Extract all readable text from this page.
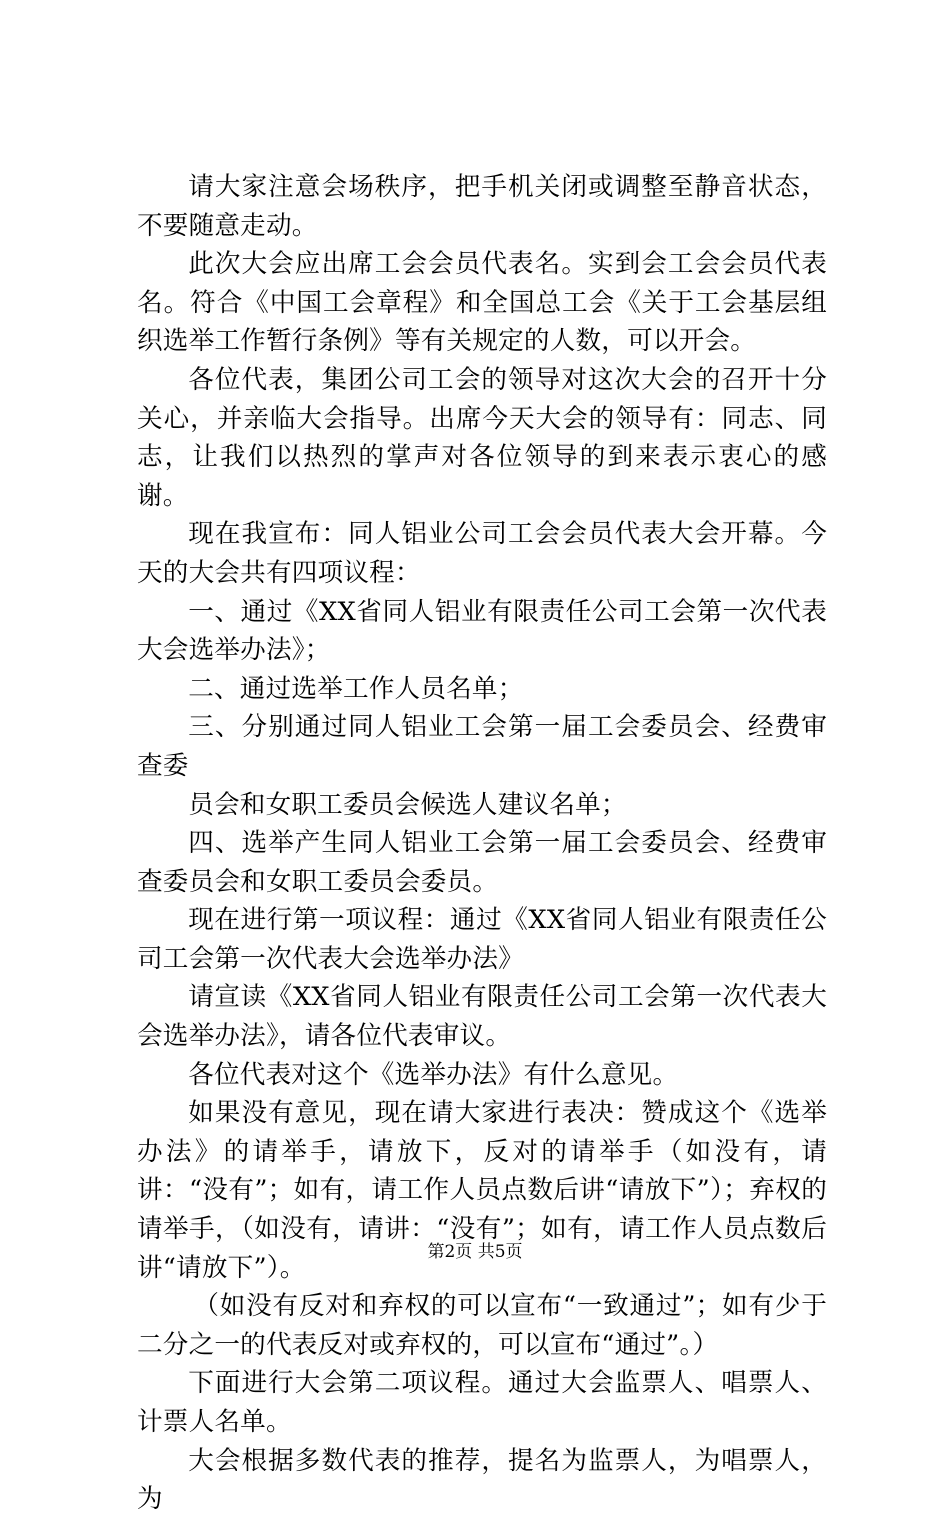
请大家注意会场秩序，把手机关闭或调整至静音状态，不要随意走动。

此次大会应出席工会会员代表名。实到会工会会员代表名。符合《中国工会章程》和全国总工会《关于工会基层组织选举工作暂行条例》等有关规定的人数，可以开会。

各位代表，集团公司工会的领导对这次大会的召开十分关心，并亲临大会指导。出席今天大会的领导有：同志、同志，让我们以热烈的掌声对各位领导的到来表示衷心的感谢。

现在我宣布：同人铝业公司工会会员代表大会开幕。今天的大会共有四项议程：

一、通过《XX省同人铝业有限责任公司工会第一次代表大会选举办法》；

二、通过选举工作人员名单；

三、分别通过同人铝业工会第一届工会委员会、经费审查委

员会和女职工委员会候选人建议名单；

四、选举产生同人铝业工会第一届工会委员会、经费审查委员会和女职工委员会委员。

现在进行第一项议程：通过《XX省同人铝业有限责任公司工会第一次代表大会选举办法》

请宣读《XX省同人铝业有限责任公司工会第一次代表大会选举办法》，请各位代表审议。

各位代表对这个《选举办法》有什么意见。

如果没有意见，现在请大家进行表决：赞成这个《选举办法》的请举手，请放下，反对的请举手（如没有，请讲：“没有”；如有，请工作人员点数后讲“请放下”）；弃权的请举手，（如没有，请讲：“没有”；如有，请工作人员点数后讲“请放下”）。

（如没有反对和弃权的可以宣布“一致通过”；如有少于二分之一的代表反对或弃权的，可以宣布“通过”。）

下面进行大会第二项议程。通过大会监票人、唱票人、计票人名单。

大会根据多数代表的推荐，提名为监票人，为唱票人，为

第2页 共5页
